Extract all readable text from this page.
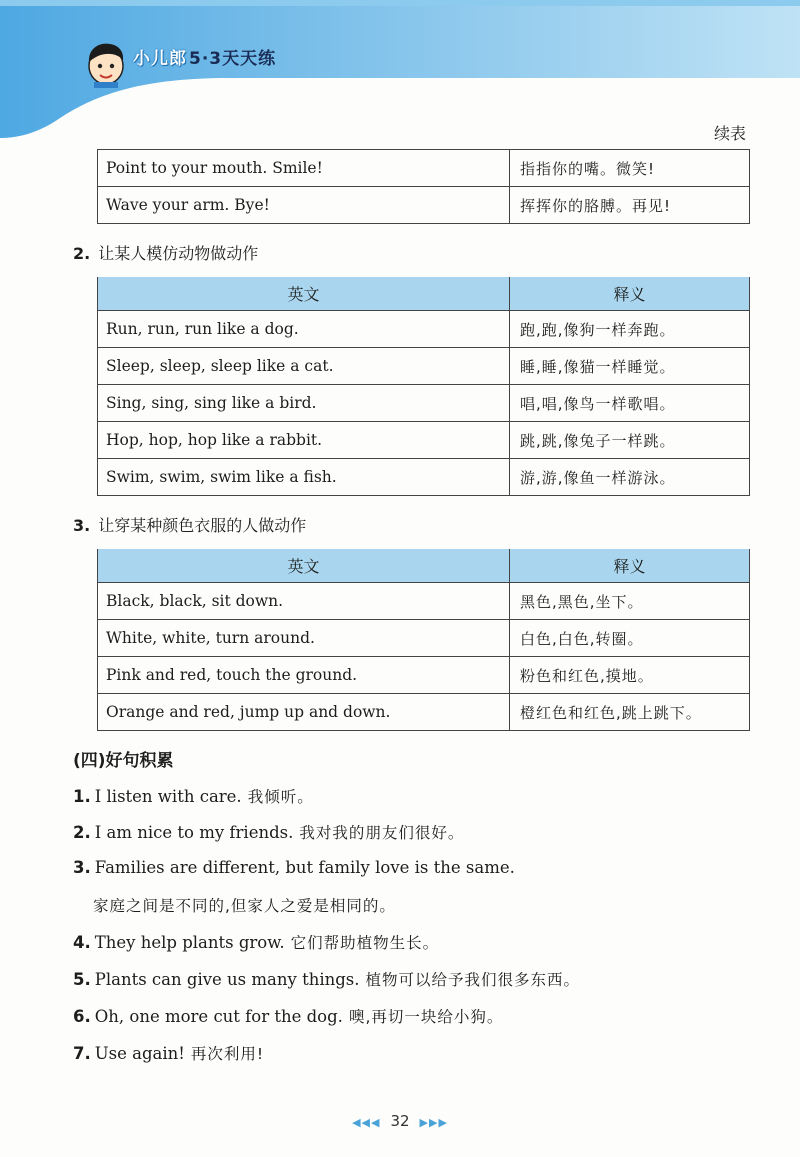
小儿郎 5·3天天练
续表
Point to your mouth. Smile!	指指你的嘴。微笑!
Wave your arm. Bye!	挥挥你的胳膊。再见!
2. 让某人模仿动物做动作
英文	释义
Run, run, run like a dog.	跑,跑,像狗一样奔跑。
Sleep, sleep, sleep like a cat.	睡,睡,像猫一样睡觉。
Sing, sing, sing like a bird.	唱,唱,像鸟一样歌唱。
Hop, hop, hop like a rabbit.	跳,跳,像兔子一样跳。
Swim, swim, swim like a fish.	游,游,像鱼一样游泳。
3. 让穿某种颜色衣服的人做动作
英文	释义
Black, black, sit down.	黑色,黑色,坐下。
White, white, turn around.	白色,白色,转圈。
Pink and red, touch the ground.	粉色和红色,摸地。
Orange and red, jump up and down.	橙红色和红色,跳上跳下。
(四)好句积累
1. I listen with care. 我倾听。
2. I am nice to my friends. 我对我的朋友们很好。
3. Families are different, but family love is the same.
家庭之间是不同的,但家人之爱是相同的。
4. They help plants grow. 它们帮助植物生长。
5. Plants can give us many things. 植物可以给予我们很多东西。
6. Oh, one more cut for the dog. 噢,再切一块给小狗。
7. Use again! 再次利用!
◀◀◀ 32 ▶▶▶
